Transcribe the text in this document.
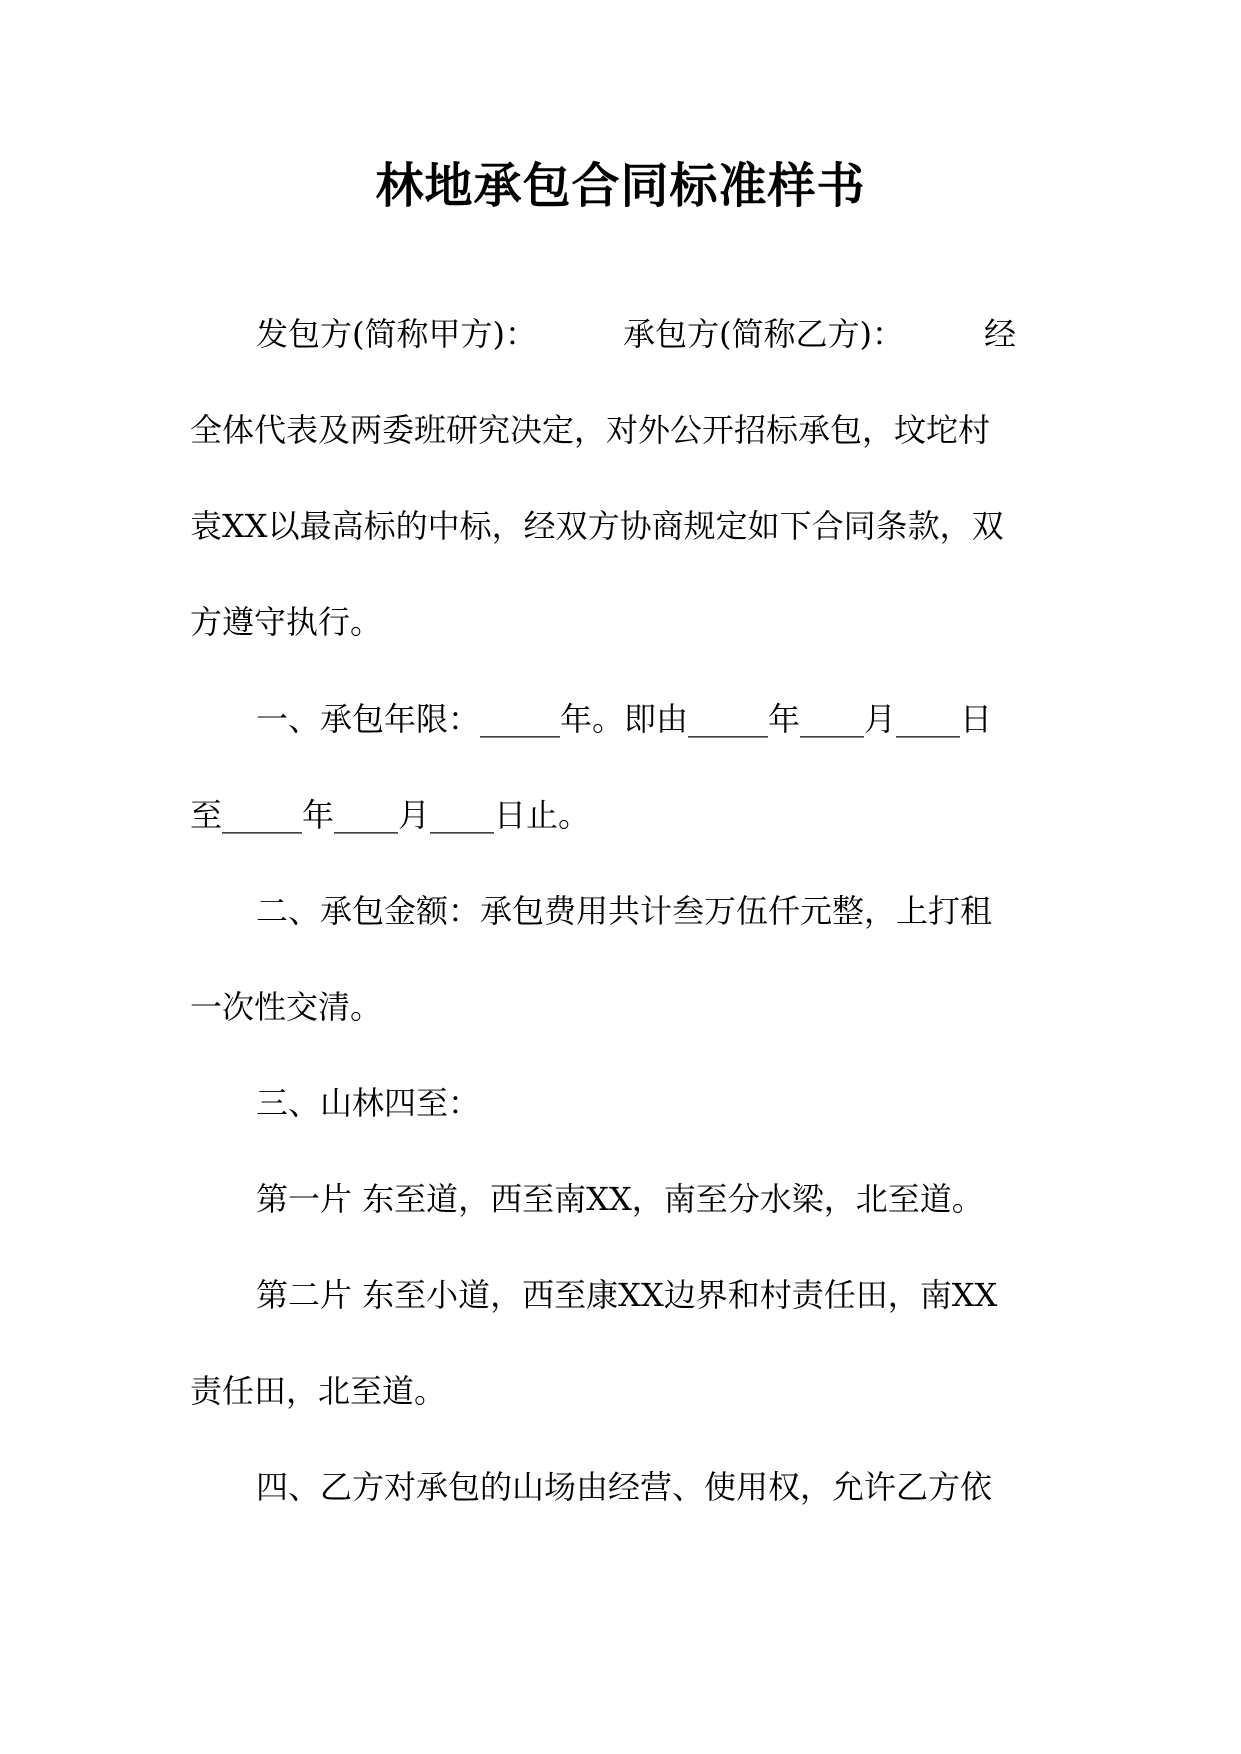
林地承包合同标准样书
发包方(简称甲方)：	承包方(简称乙方)：	经
全体代表及两委班研究决定，对外公开招标承包，坟坨村
袁XX以最高标的中标，经双方协商规定如下合同条款，双
方遵守执行。
一、承包年限：_____年。即由_____年____月____日
至_____年____月____日止。
二、承包金额：承包费用共计叁万伍仟元整，上打租
一次性交清。
三、山林四至：
第一片 东至道，西至南XX，南至分水梁，北至道。
第二片 东至小道，西至康XX边界和村责任田，南XX
责任田，北至道。
四、乙方对承包的山场由经营、使用权，允许乙方依
